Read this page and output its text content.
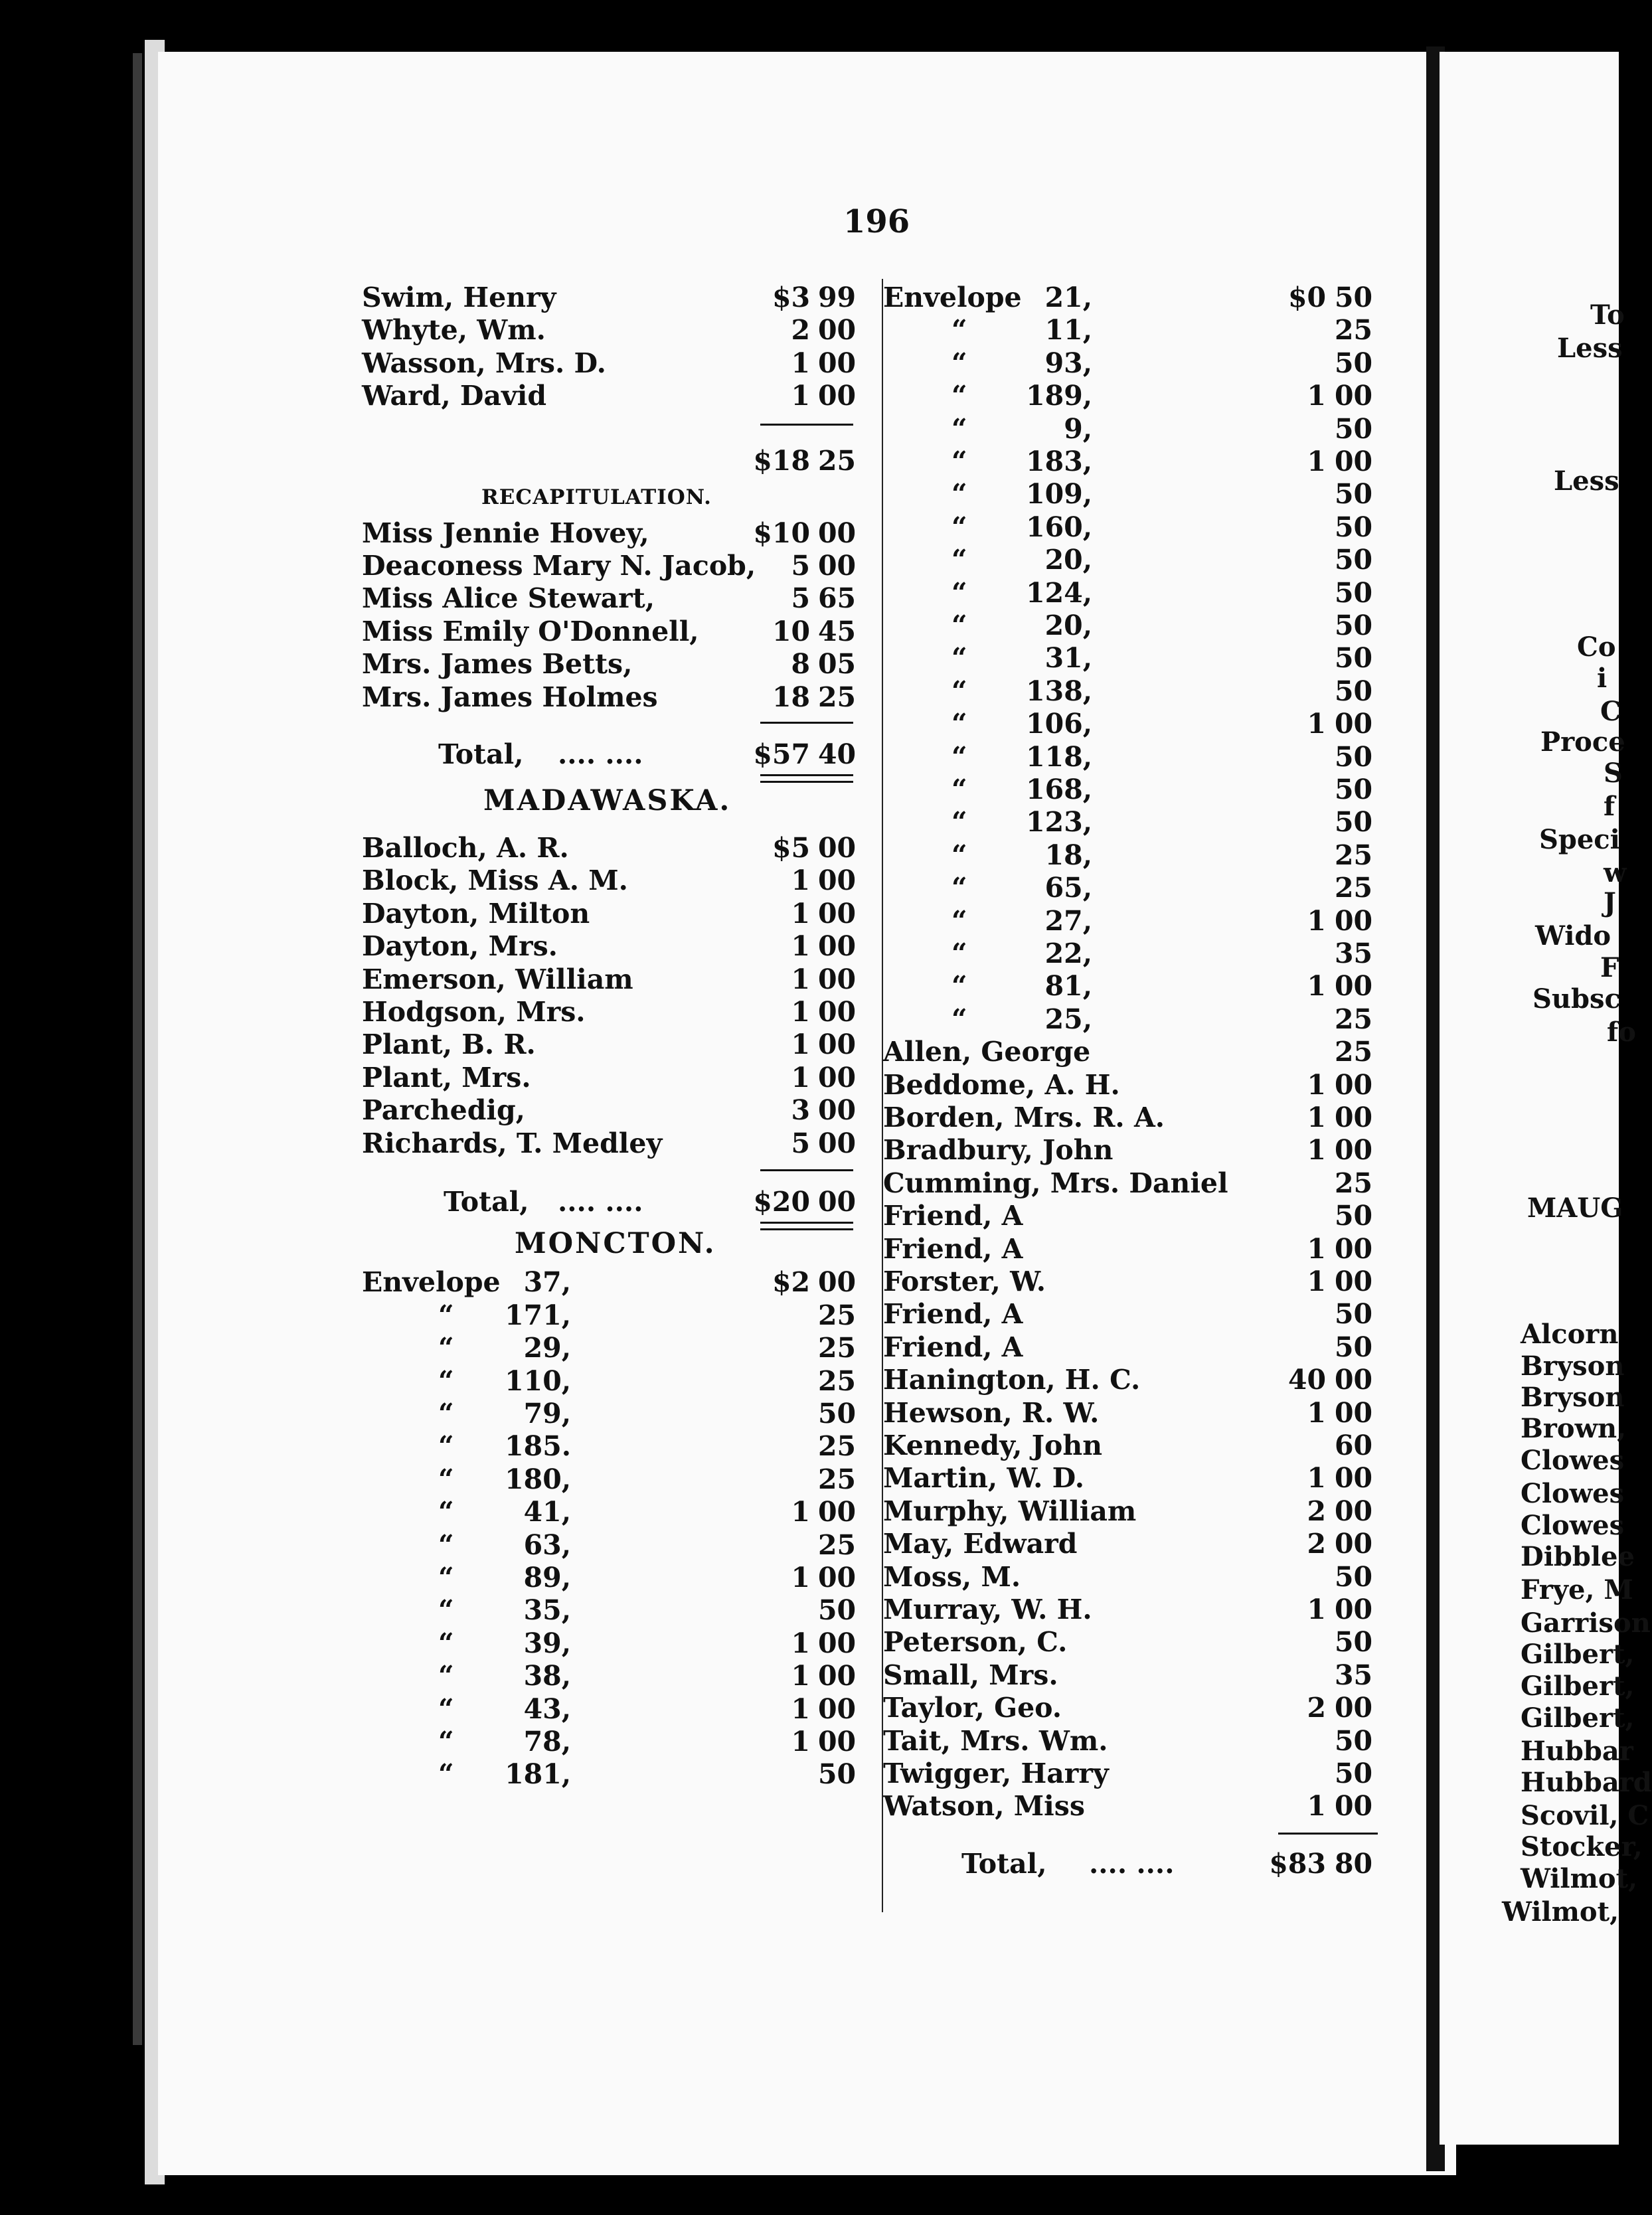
196
Swim, Henry	$3 99
Whyte, Wm.	2 00
Wasson, Mrs. D.	1 00
Ward, David	1 00
$18 25
RECAPITULATION.
Miss Jennie Hovey,	$10 00
Deaconess Mary N. Jacob, 5 00
Miss Alice Stewart,	5 65
Miss Emily O'Donnell,	10 45
Mrs. James Betts,	8 05
Mrs. James Holmes	18 25
Total, .... ....	$57 40
MADAWASKA.
Balloch, A. R.	$5 00
Block, Miss A. M.	1 00
Dayton, Milton	1 00
Dayton, Mrs.	1 00
Emerson, William	1 00
Hodgson, Mrs.	1 00
Plant, B. R.	1 00
Plant, Mrs.	1 00
Parchedig,	3 00
Richards, T. Medley	5 00
Total, .... ....	$20 00
MONCTON.
Envelope 37,	$2 00
“ 171,	25
“	29,	25
“ 110,	25
“	79,	50
“ 185.	25
“ 180,	25
“	41,	1 00
“	63,	25
“	89,	1 00
“	35,	50
“	39,	1 00
“	38,	1 00
“	43,	1 00
“	78,	1 00
“ 181,	50
Envelope 21,	$0 50
“	11,	25
“	93,	50
“ 189,	1 00
“	9,	50
“ 183,	1 00
“ 109,	50
“ 160,	50
“	20,	50
“ 124,	50
“	20,	50
“	31,	50
“ 138,	50
“ 106,	1 00
“ 118,	50
“ 168,	50
“ 123,	50
“	18,	25
“	65,	25
“	27,	1 00
“	22,	35
“	81,	1 00
“	25,	25
Allen, George	25
Beddome, A. H.	1 00
Borden, Mrs. R. A.	1 00
Bradbury, John	1 00
Cumming, Mrs. Daniel	25
Friend, A	50
Friend, A	1 00
Forster, W.	1 00
Friend, A	50
Friend, A	50
Hanington, H. C.	40 00
Hewson, R. W.	1 00
Kennedy, John	60
Martin, W. D.	1 00
Murphy, William	2 00
May, Edward	2 00
Moss, M.	50
Murray, W. H.	1 00
Peterson, C.	50
Small, Mrs.	35
Taylor, Geo.	2 00
Tait, Mrs. Wm.	50
Twigger, Harry	50
Watson, Miss	1 00
Total, .... ....	$83 80
To
Less
Less
Co
i
C
Proce
S
f
Speci
w
J
Wido
F
Subsc
fo
MAUG
Alcorn
Bryson
Bryson
Brown,
Clowes
Clowes
Clowes
Dibblee
Frye, M
Garrison
Gilbert,
Gilbert,
Gilbert,
Hubbar
Hubbard
Scovil, C
Stocker,
Wilmot,
Wilmot,
